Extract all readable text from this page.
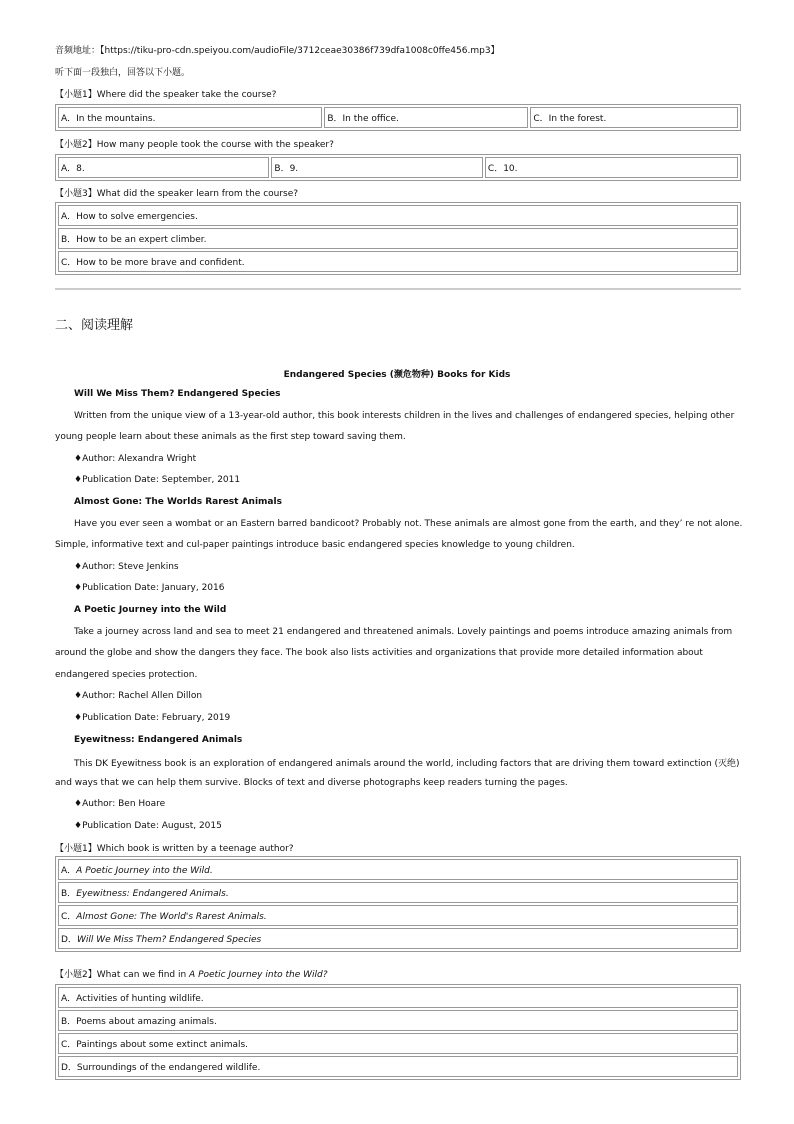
音频地址：【https://tiku-pro-cdn.speiyou.com/audioFile/3712ceae30386f739dfa1008c0ffe456.mp3】
听下面一段独白，回答以下小题。
【小题1】Where did the speaker take the course?
A．In the mountains.	B．In the office.	C．In the forest.
【小题2】How many people took the course with the speaker?
A．8.	B．9.	C．10.
【小题3】What did the speaker learn from the course?
A．How to solve emergencies.
B．How to be an expert climber.
C．How to be more brave and confident.
二、阅读理解
Endangered Species (濒危物种) Books for Kids
Will We Miss Them? Endangered Species
Written from the unique view of a 13-year-old author, this book interests children in the lives and challenges of endangered species, helping other
young people learn about these animals as the first step toward saving them.
♦Author: Alexandra Wright
♦Publication Date: September, 2011
Almost Gone: The Worlds Rarest Animals
Have you ever seen a wombat or an Eastern barred bandicoot? Probably not. These animals are almost gone from the earth, and they’ re not alone.
Simple, informative text and cul-paper paintings introduce basic endangered species knowledge to young children.
♦Author: Steve Jenkins
♦Publication Date: January, 2016
A Poetic Journey into the Wild
Take a journey across land and sea to meet 21 endangered and threatened animals. Lovely paintings and poems introduce amazing animals from
around the globe and show the dangers they face. The book also lists activities and organizations that provide more detailed information about
endangered species protection.
♦Author: Rachel Allen Dillon
♦Publication Date: February, 2019
Eyewitness: Endangered Animals
This DK Eyewitness book is an exploration of endangered animals around the world, including factors that are driving them toward extinction (灭绝)
and ways that we can help them survive. Blocks of text and diverse photographs keep readers turning the pages.
♦Author: Ben Hoare
♦Publication Date: August, 2015
【小题1】Which book is written by a teenage author?
A．A Poetic Journey into the Wild.
B．Eyewitness: Endangered Animals.
C．Almost Gone: The World's Rarest Animals.
D．Will We Miss Them? Endangered Species
【小题2】What can we find in A Poetic Journey into the Wild?
A．Activities of hunting wildlife.
B．Poems about amazing animals.
C．Paintings about some extinct animals.
D．Surroundings of the endangered wildlife.
